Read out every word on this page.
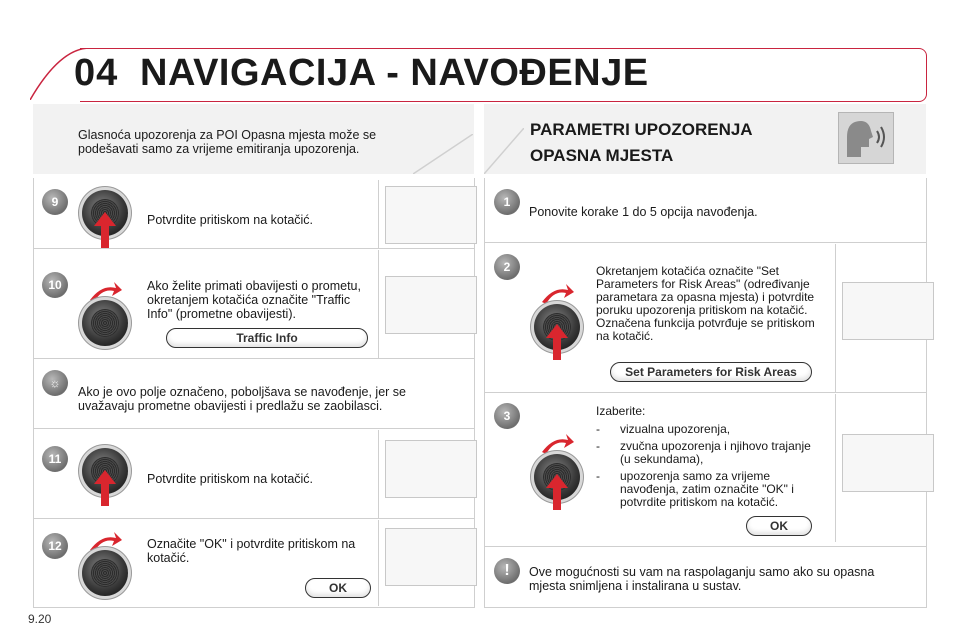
04 NAVIGACIJA - NAVOĐENJE
Glasnoća upozorenja za POI Opasna mjesta može se podešavati samo za vrijeme emitiranja upozorenja.
9
Potvrdite pritiskom na kotačić.
10	Ako želite primati obavijesti o prometu, okretanjem kotačića označite "Traffic Info" (prometne obavijesti).
Traffic Info
☼
Ako je ovo polje označeno, poboljšava se navođenje, jer se uvažavaju prometne obavijesti i predlažu se zaobilasci.
11
Potvrdite pritiskom na kotačić.
12	Označite "OK" i potvrdite pritiskom na kotačić.
OK
PARAMETRI UPOZORENJA
OPASNA MJESTA
1
Ponovite korake 1 do 5 opcija navođenja.
2	Okretanjem kotačića označite "Set Parameters for Risk Areas" (određivanje parametara za opasna mjesta) i potvrdite poruku upozorenja pritiskom na kotačić. Označena funkcija potvrđuje se pritiskom na kotačić.
Set Parameters for Risk Areas
3	Izaberite:
- vizualna upozorenja,
- zvučna upozorenja i njihovo trajanje (u sekundama),
- upozorenja samo za vrijeme navođenja, zatim označite "OK" i potvrdite pritiskom na kotačić.
OK
!	Ove mogućnosti su vam na raspolaganju samo ako su opasna mjesta snimljena i instalirana u sustav.
9.20
